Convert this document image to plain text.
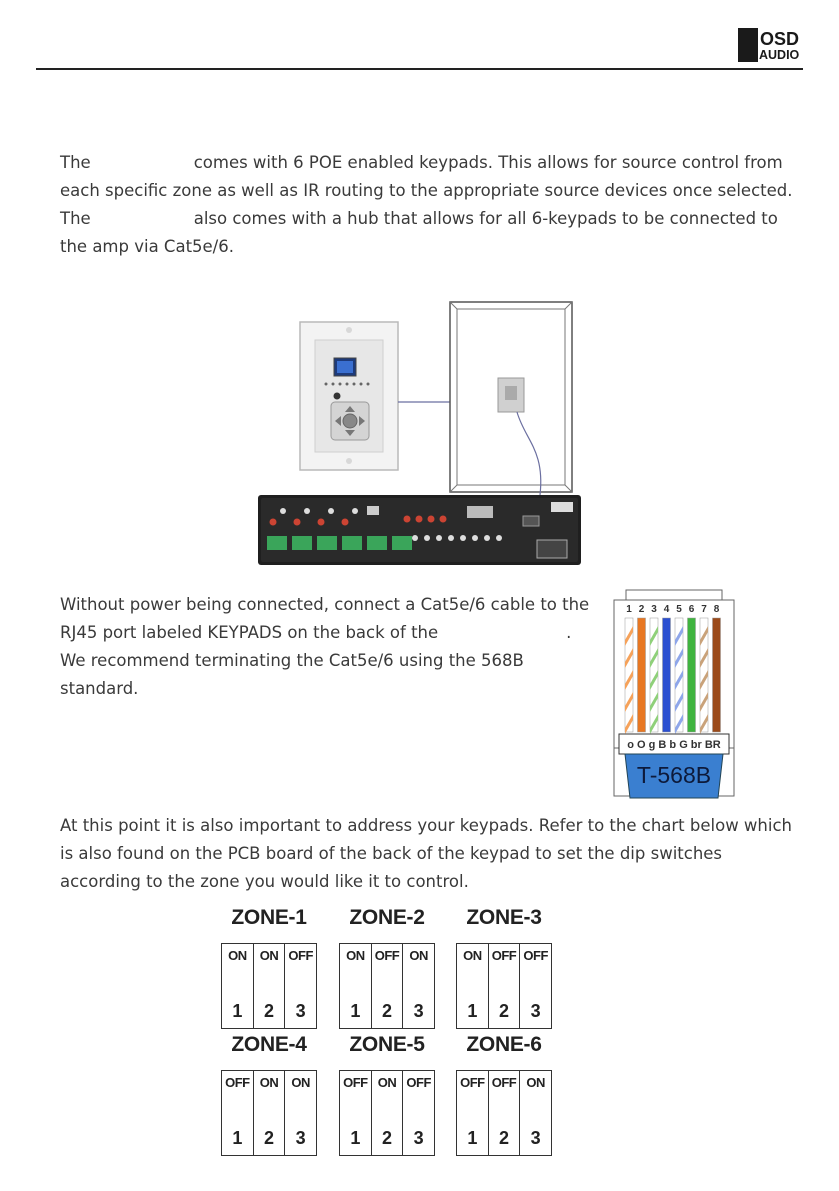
OSD
AUDIO

The	comes with 6 POE enabled keypads. This allows for source control from each specific zone as well as IR routing to the appropriate source devices once selected. The	also comes with a hub that allows for all 6-keypads to be connected to the amp via Cat5e/6.

Without power being connected, connect a Cat5e/6 cable to the RJ45 port labeled KEYPADS on the back of the	. We recommend terminating the Cat5e/6 using the 568B standard.

1 2 3 4 5 6 7 8
o O g B b G br BR
T-568B

At this point it is also important to address your keypads. Refer to the chart below which is also found on the PCB board of the back of the keypad to set the dip switches according to the zone you would like it to control.

ZONE-1
ON
1
ON
2
OFF
3
ZONE-2
ON
1
OFF
2
ON
3
ZONE-3
ON
1
OFF
2
OFF
3
ZONE-4
OFF
1
ON
2
ON
3
ZONE-5
OFF
1
ON
2
OFF
3
ZONE-6
OFF
1
OFF
2
ON
3
